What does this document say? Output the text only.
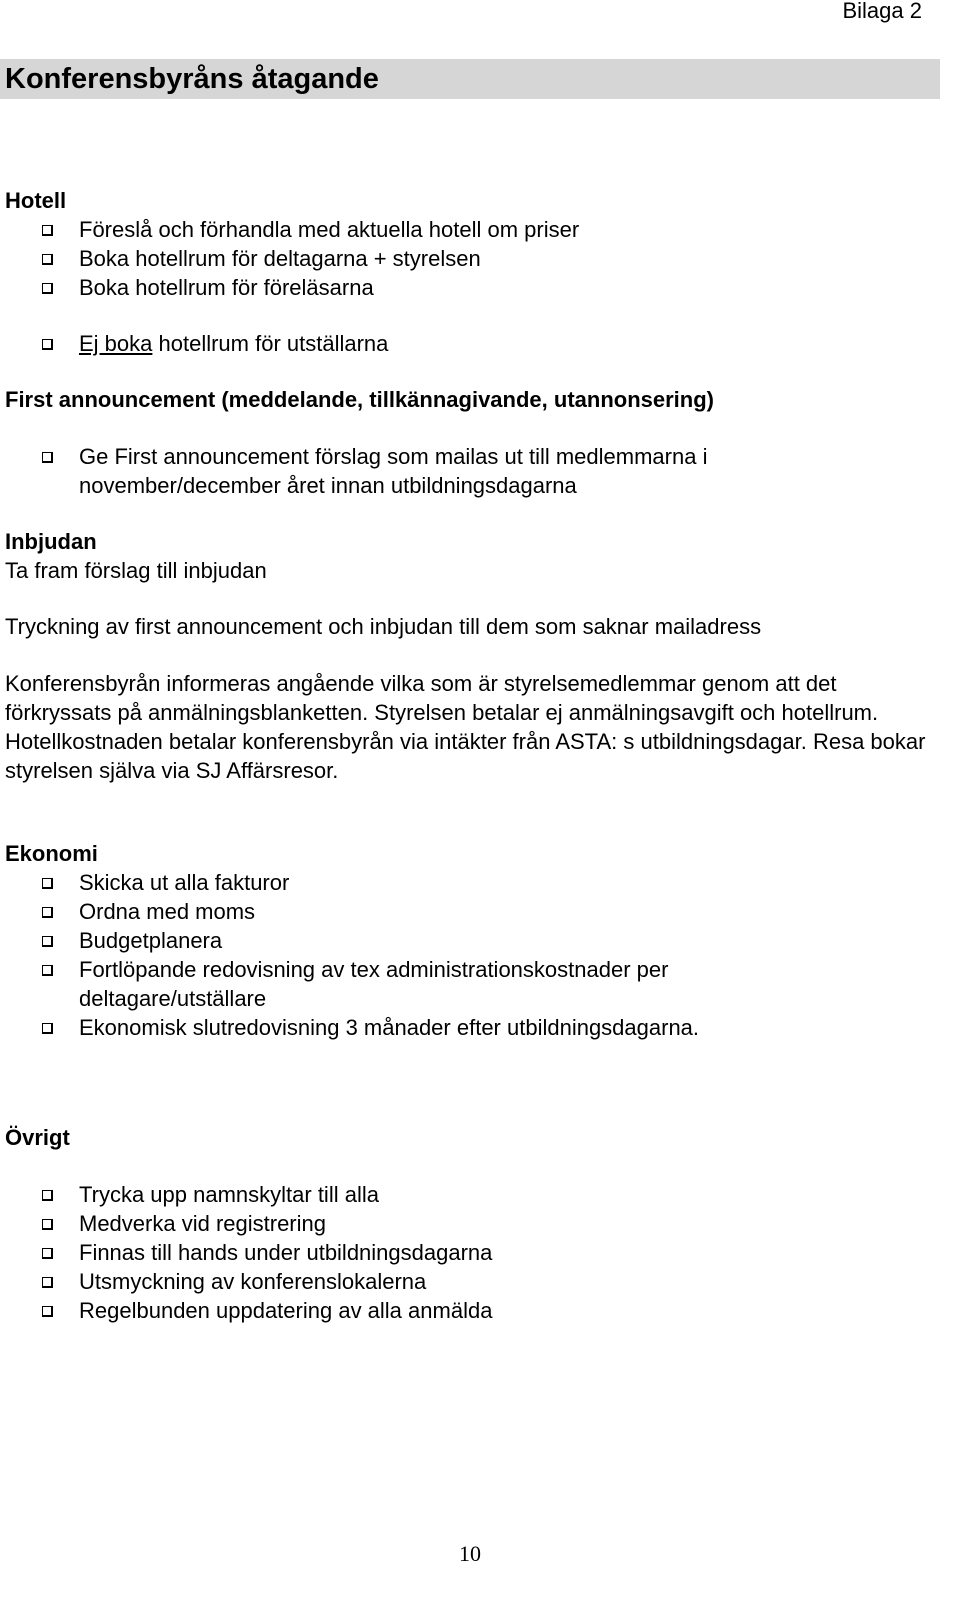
Bilaga 2
Konferensbyråns åtagande
Hotell
Föreslå och förhandla med aktuella hotell om priser
Boka hotellrum för deltagarna + styrelsen
Boka hotellrum för föreläsarna
Ej boka hotellrum för utställarna
First announcement (meddelande, tillkännagivande, utannonsering)
Ge First announcement förslag som mailas ut till medlemmarna i november/december året innan utbildningsdagarna
Inbjudan
Ta fram förslag till inbjudan
Tryckning av first announcement och inbjudan till dem som saknar mailadress
Konferensbyrån informeras angående vilka som är styrelsemedlemmar genom att det förkryssats på anmälningsblanketten. Styrelsen betalar ej anmälningsavgift och hotellrum. Hotellkostnaden betalar konferensbyrån via intäkter från ASTA: s utbildningsdagar. Resa bokar styrelsen själva via SJ Affärsresor.
Ekonomi
Skicka ut alla fakturor
Ordna med moms
Budgetplanera
Fortlöpande redovisning av tex administrationskostnader per deltagare/utställare
Ekonomisk slutredovisning 3 månader efter utbildningsdagarna.
Övrigt
Trycka upp namnskyltar till alla
Medverka vid registrering
Finnas till hands under utbildningsdagarna
Utsmyckning av konferenslokalerna
Regelbunden uppdatering av alla anmälda
10
